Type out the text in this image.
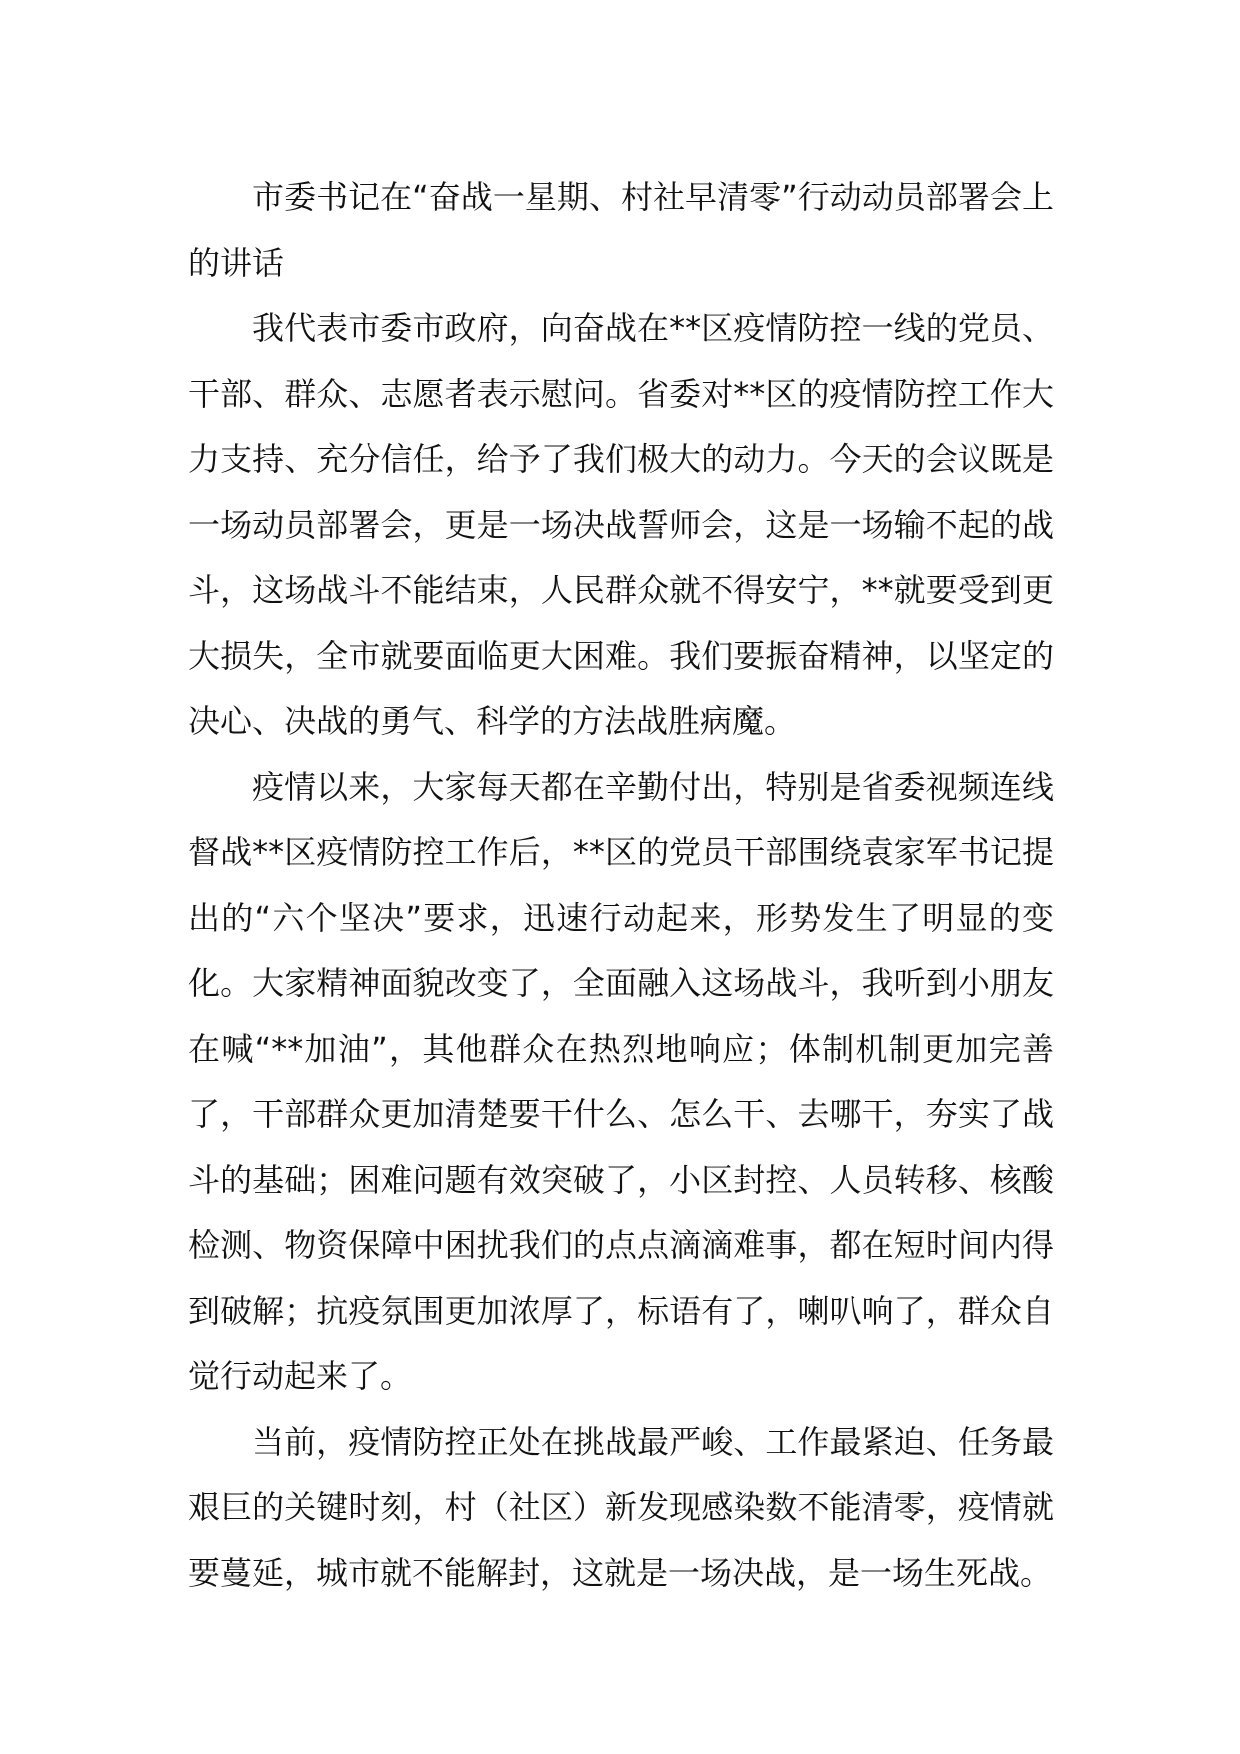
市委书记在“奋战一星期、村社早清零”行动动员部署会上的讲话

我代表市委市政府，向奋战在**区疫情防控一线的党员、干部、群众、志愿者表示慰问。省委对**区的疫情防控工作大力支持、充分信任，给予了我们极大的动力。今天的会议既是一场动员部署会，更是一场决战誓师会，这是一场输不起的战斗，这场战斗不能结束，人民群众就不得安宁，**就要受到更大损失，全市就要面临更大困难。我们要振奋精神，以坚定的决心、决战的勇气、科学的方法战胜病魔。

疫情以来，大家每天都在辛勤付出，特别是省委视频连线督战**区疫情防控工作后，**区的党员干部围绕袁家军书记提出的“六个坚决”要求，迅速行动起来，形势发生了明显的变化。大家精神面貌改变了，全面融入这场战斗，我听到小朋友在喊“**加油”，其他群众在热烈地响应；体制机制更加完善了，干部群众更加清楚要干什么、怎么干、去哪干，夯实了战斗的基础；困难问题有效突破了，小区封控、人员转移、核酸检测、物资保障中困扰我们的点点滴滴难事，都在短时间内得到破解；抗疫氛围更加浓厚了，标语有了，喇叭响了，群众自觉行动起来了。

当前，疫情防控正处在挑战最严峻、工作最紧迫、任务最艰巨的关键时刻，村（社区）新发现感染数不能清零，疫情就要蔓延，城市就不能解封，这就是一场决战，是一场生死战。
